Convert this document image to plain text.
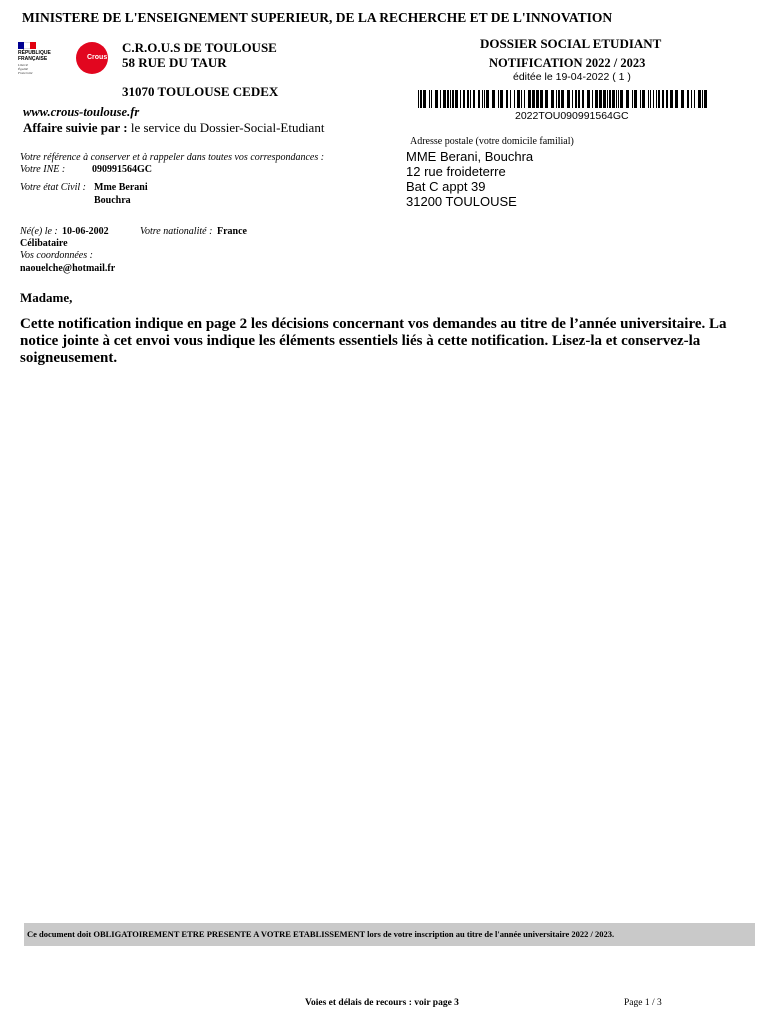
MINISTERE DE L'ENSEIGNEMENT SUPERIEUR, DE LA RECHERCHE ET DE L'INNOVATION
RÉPUBLIQUE
FRANÇAISE
Liberté
Égalité
Fraternité
Crous
C.R.O.U.S DE TOULOUSE
58 RUE DU TAUR
31070 TOULOUSE CEDEX
DOSSIER SOCIAL ETUDIANT
NOTIFICATION 2022 / 2023
éditée le 19-04-2022 ( 1 )
2022TOU090991564GC
www.crous-toulouse.fr
Affaire suivie par : le service du Dossier-Social-Etudiant
Adresse postale (votre domicile familial)
MME Berani, Bouchra
12 rue froideterre
Bat C appt 39
31200 TOULOUSE
Votre référence à conserver et à rappeler dans toutes vos correspondances :
Votre INE :	090991564GC
Votre état Civil : Mme Berani
Bouchra
Né(e) le : 10-06-2002	Votre nationalité : France
Célibataire
Vos coordonnées :
naouelche@hotmail.fr
Madame,
Cette notification indique en page 2 les décisions concernant vos demandes au titre de l’année universitaire. La notice jointe à cet envoi vous indique les éléments essentiels liés à cette notification. Lisez-la et conservez-la soigneusement.
Ce document doit OBLIGATOIREMENT ETRE PRESENTE A VOTRE ETABLISSEMENT lors de votre inscription au titre de l'année universitaire 2022 / 2023.
Voies et délais de recours : voir page 3	Page 1 / 3
